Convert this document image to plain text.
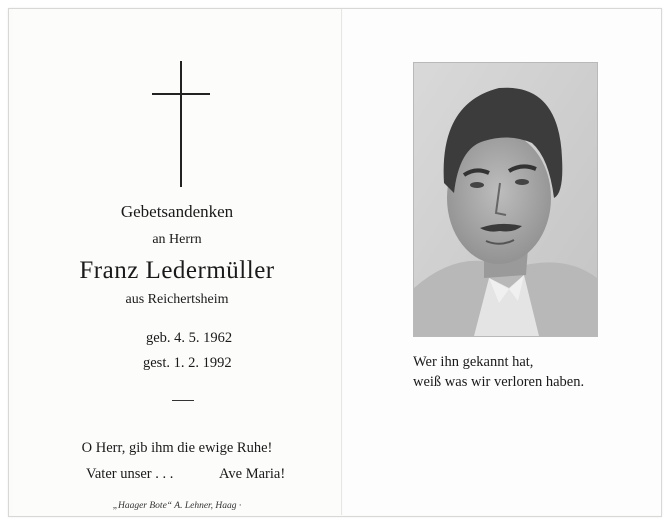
Gebetsandenken
an Herrn
Franz Ledermüller
aus Reichertsheim
geb. 4. 5. 1962
gest. 1. 2. 1992
O Herr, gib ihm die ewige Ruhe!
Vater unser . . .	Ave Maria!
„Haager Bote“ A. Lehner, Haag ·
Wer ihn gekannt hat,
weiß was wir verloren haben.
